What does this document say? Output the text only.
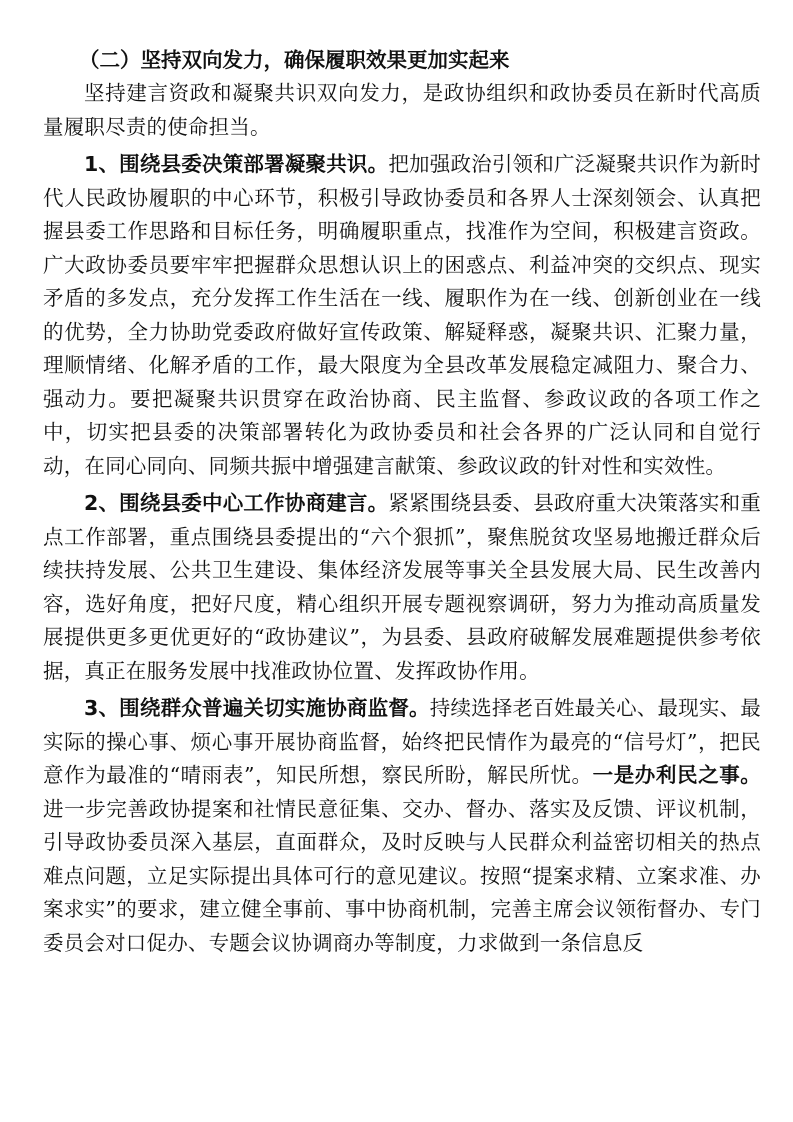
（二）坚持双向发力，确保履职效果更加实起来

坚持建言资政和凝聚共识双向发力，是政协组织和政协委员在新时代高质量履职尽责的使命担当。

1、围绕县委决策部署凝聚共识。把加强政治引领和广泛凝聚共识作为新时代人民政协履职的中心环节，积极引导政协委员和各界人士深刻领会、认真把握县委工作思路和目标任务，明确履职重点，找准作为空间，积极建言资政。广大政协委员要牢牢把握群众思想认识上的困惑点、利益冲突的交织点、现实矛盾的多发点，充分发挥工作生活在一线、履职作为在一线、创新创业在一线的优势，全力协助党委政府做好宣传政策、解疑释惑，凝聚共识、汇聚力量，理顺情绪、化解矛盾的工作，最大限度为全县改革发展稳定减阻力、聚合力、强动力。要把凝聚共识贯穿在政治协商、民主监督、参政议政的各项工作之中，切实把县委的决策部署转化为政协委员和社会各界的广泛认同和自觉行动，在同心同向、同频共振中增强建言献策、参政议政的针对性和实效性。

2、围绕县委中心工作协商建言。紧紧围绕县委、县政府重大决策落实和重点工作部署，重点围绕县委提出的“六个狠抓”，聚焦脱贫攻坚易地搬迁群众后续扶持发展、公共卫生建设、集体经济发展等事关全县发展大局、民生改善内容，选好角度，把好尺度，精心组织开展专题视察调研，努力为推动高质量发展提供更多更优更好的“政协建议”，为县委、县政府破解发展难题提供参考依据，真正在服务发展中找准政协位置、发挥政协作用。

3、围绕群众普遍关切实施协商监督。持续选择老百姓最关心、最现实、最实际的操心事、烦心事开展协商监督，始终把民情作为最亮的“信号灯”，把民意作为最准的“晴雨表”，知民所想，察民所盼，解民所忧。一是办利民之事。进一步完善政协提案和社情民意征集、交办、督办、落实及反馈、评议机制，引导政协委员深入基层，直面群众，及时反映与人民群众利益密切相关的热点难点问题，立足实际提出具体可行的意见建议。按照“提案求精、立案求准、办案求实”的要求，建立健全事前、事中协商机制，完善主席会议领衔督办、专门委员会对口促办、专题会议协调商办等制度，力求做到一条信息反
